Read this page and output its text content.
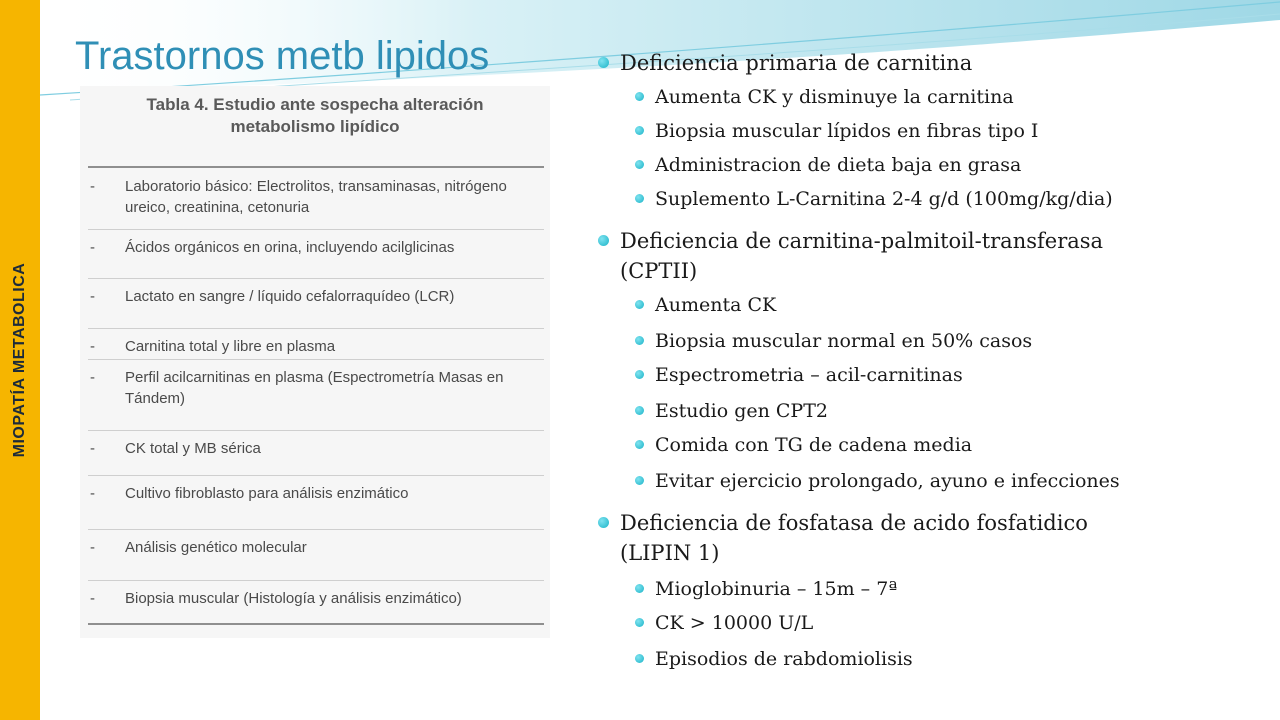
MIOPATÍA METABOLICA
Trastornos metb lipidos
Tabla 4. Estudio ante sospecha alteración
metabolismo lipídico
- Laboratorio básico: Electrolitos, transaminasas, nitrógeno ureico, creatinina, cetonuria
- Ácidos orgánicos en orina, incluyendo acilglicinas
- Lactato en sangre / líquido cefalorraquídeo (LCR)
- Carnitina total y libre en plasma
- Perfil acilcarnitinas en plasma (Espectrometría Masas en Tándem)
- CK total y MB sérica
- Cultivo fibroblasto para análisis enzimático
- Análisis genético molecular
- Biopsia muscular (Histología y análisis enzimático)
Deficiencia primaria de carnitina
Aumenta CK y disminuye la carnitina
Biopsia muscular lípidos en fibras tipo I
Administracion de dieta baja en grasa
Suplemento L-Carnitina 2-4 g/d (100mg/kg/dia)
Deficiencia de carnitina-palmitoil-transferasa
(CPTII)
Aumenta CK
Biopsia muscular normal en 50% casos
Espectrometria – acil-carnitinas
Estudio gen CPT2
Comida con TG de cadena media
Evitar ejercicio prolongado, ayuno e infecciones
Deficiencia de fosfatasa de acido fosfatidico
(LIPIN 1)
Mioglobinuria – 15m – 7ª
CK > 10000 U/L
Episodios de rabdomiolisis
